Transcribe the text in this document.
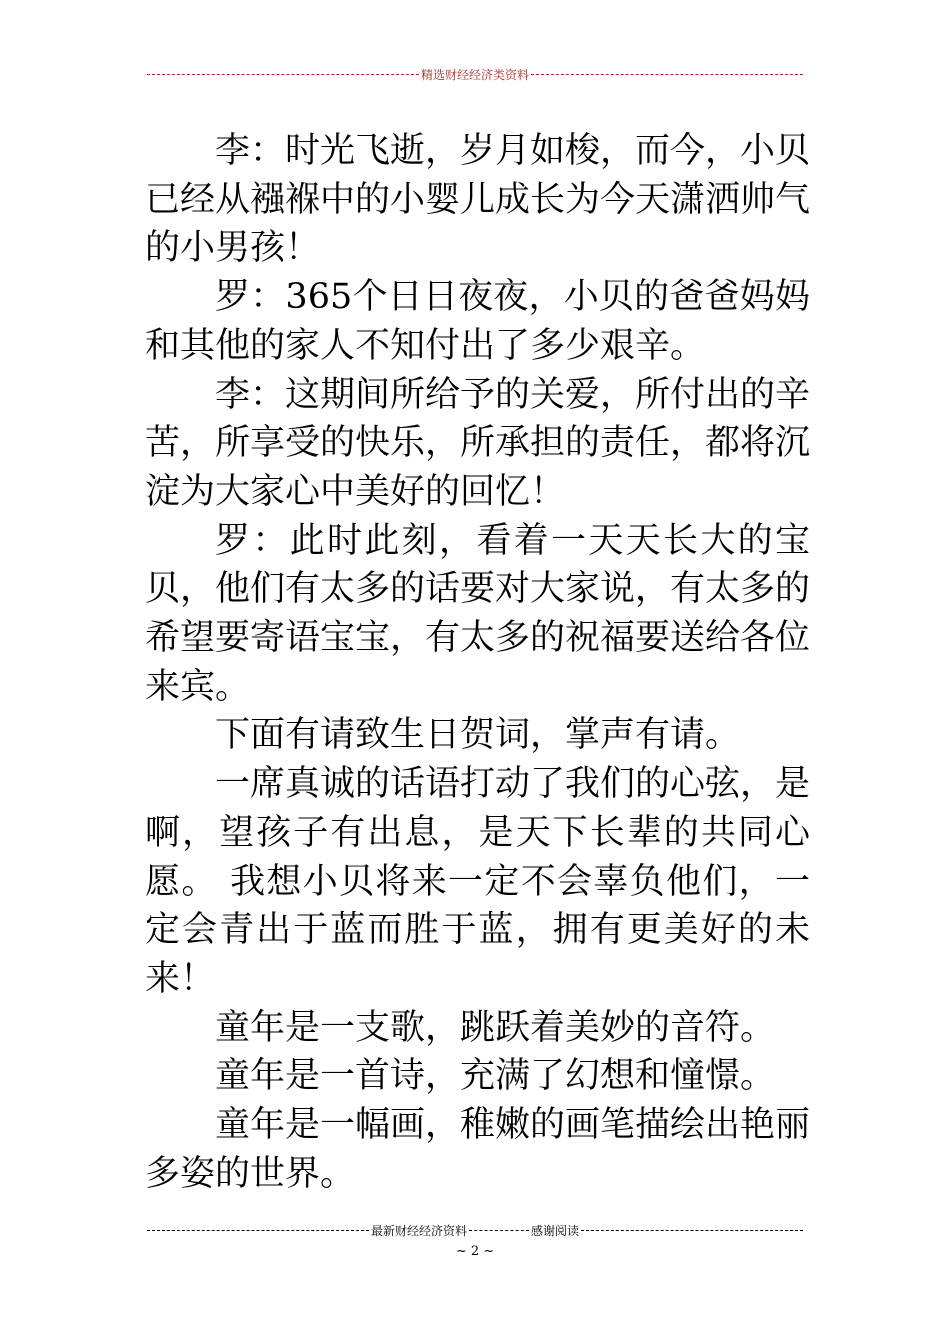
精选财经经济类资料

李：时光飞逝，岁月如梭，而今，小贝已经从襁褓中的小婴儿成长为今天潇洒帅气的小男孩！

罗：365个日日夜夜，小贝的爸爸妈妈和其他的家人不知付出了多少艰辛。

李：这期间所给予的关爱，所付出的辛苦，所享受的快乐，所承担的责任，都将沉淀为大家心中美好的回忆！

罗：此时此刻，看着一天天长大的宝贝，他们有太多的话要对大家说，有太多的希望要寄语宝宝，有太多的祝福要送给各位来宾。

下面有请致生日贺词，掌声有请。

一席真诚的话语打动了我们的心弦，是啊，望孩子有出息，是天下长辈的共同心愿。 我想小贝将来一定不会辜负他们，一定会青出于蓝而胜于蓝，拥有更美好的未来！

童年是一支歌，跳跃着美妙的音符。

童年是一首诗，充满了幻想和憧憬。

童年是一幅画，稚嫩的画笔描绘出艳丽多姿的世界。

最新财经经济资料	感谢阅读
~ 2 ~
